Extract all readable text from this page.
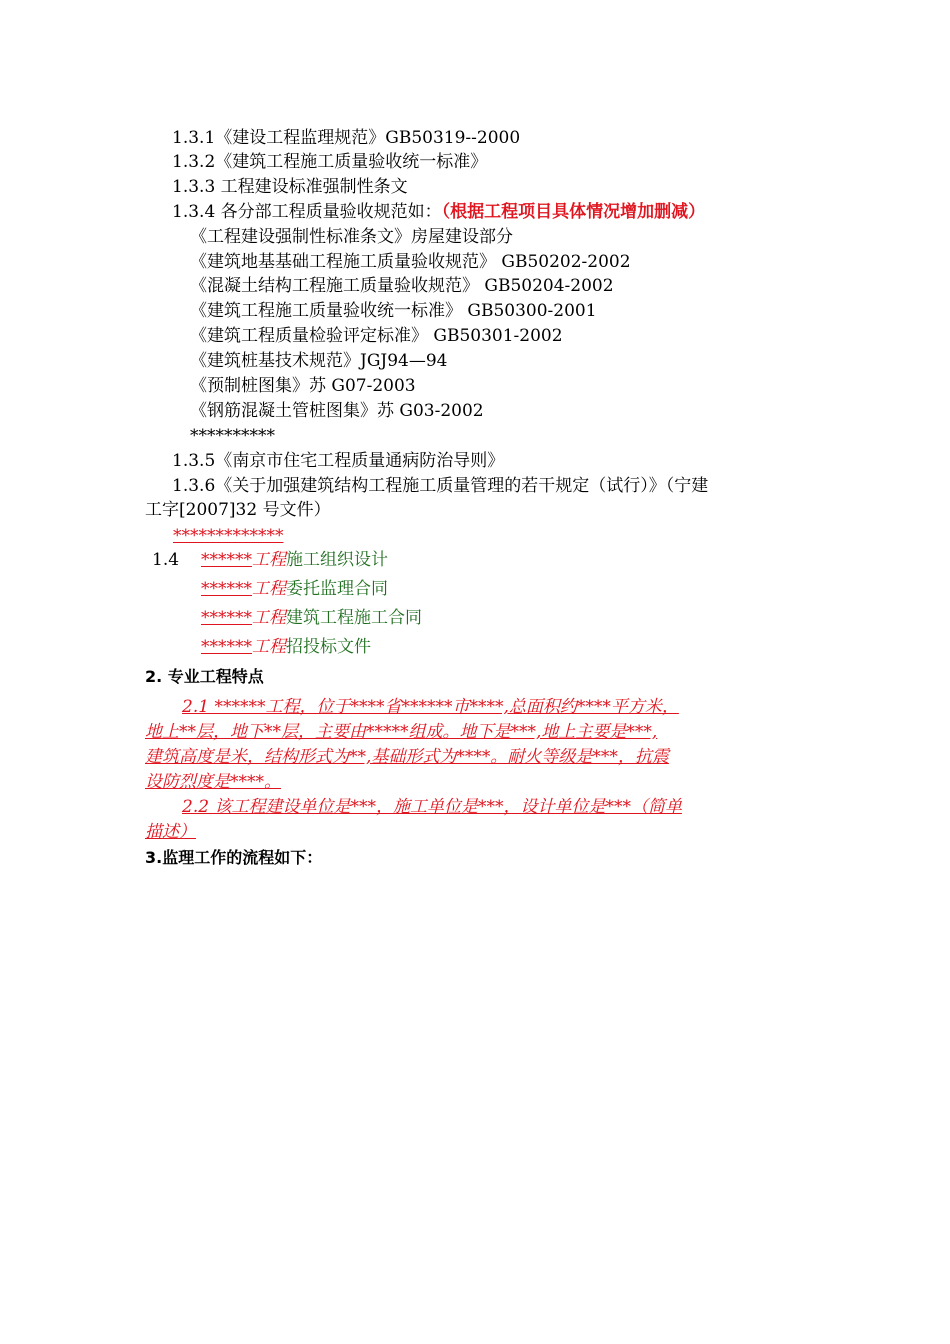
1.3.1《建设工程监理规范》GB50319--2000
1.3.2《建筑工程施工质量验收统一标准》
1.3.3 工程建设标准强制性条文
1.3.4 各分部工程质量验收规范如：（根据工程项目具体情况增加删减）
《工程建设强制性标准条文》房屋建设部分
《建筑地基基础工程施工质量验收规范》 GB50202-2002
《混凝土结构工程施工质量验收规范》 GB50204-2002
《建筑工程施工质量验收统一标准》 GB50300-2001
《建筑工程质量检验评定标准》 GB50301-2002
《建筑桩基技术规范》JGJ94—94
《预制桩图集》苏 G07-2003
《钢筋混凝土管桩图集》苏 G03-2002
**********
1.3.5《南京市住宅工程质量通病防治导则》
1.3.6《关于加强建筑结构工程施工质量管理的若干规定（试行）》（宁建
工字[2007]32 号文件）
*************
1.4 ******工程施工组织设计
******工程委托监理合同
******工程建筑工程施工合同
******工程招投标文件
2. 专业工程特点
2.1 ******工程，位于****省******市****,总面积约****平方米，
地上**层，地下**层，主要由*****组成。地下是***,地上主要是***,
建筑高度是米，结构形式为**,基础形式为****。耐火等级是***，抗震
设防烈度是****。
2.2 该工程建设单位是***，施工单位是***，设计单位是***（简单
描述）
3.监理工作的流程如下：
